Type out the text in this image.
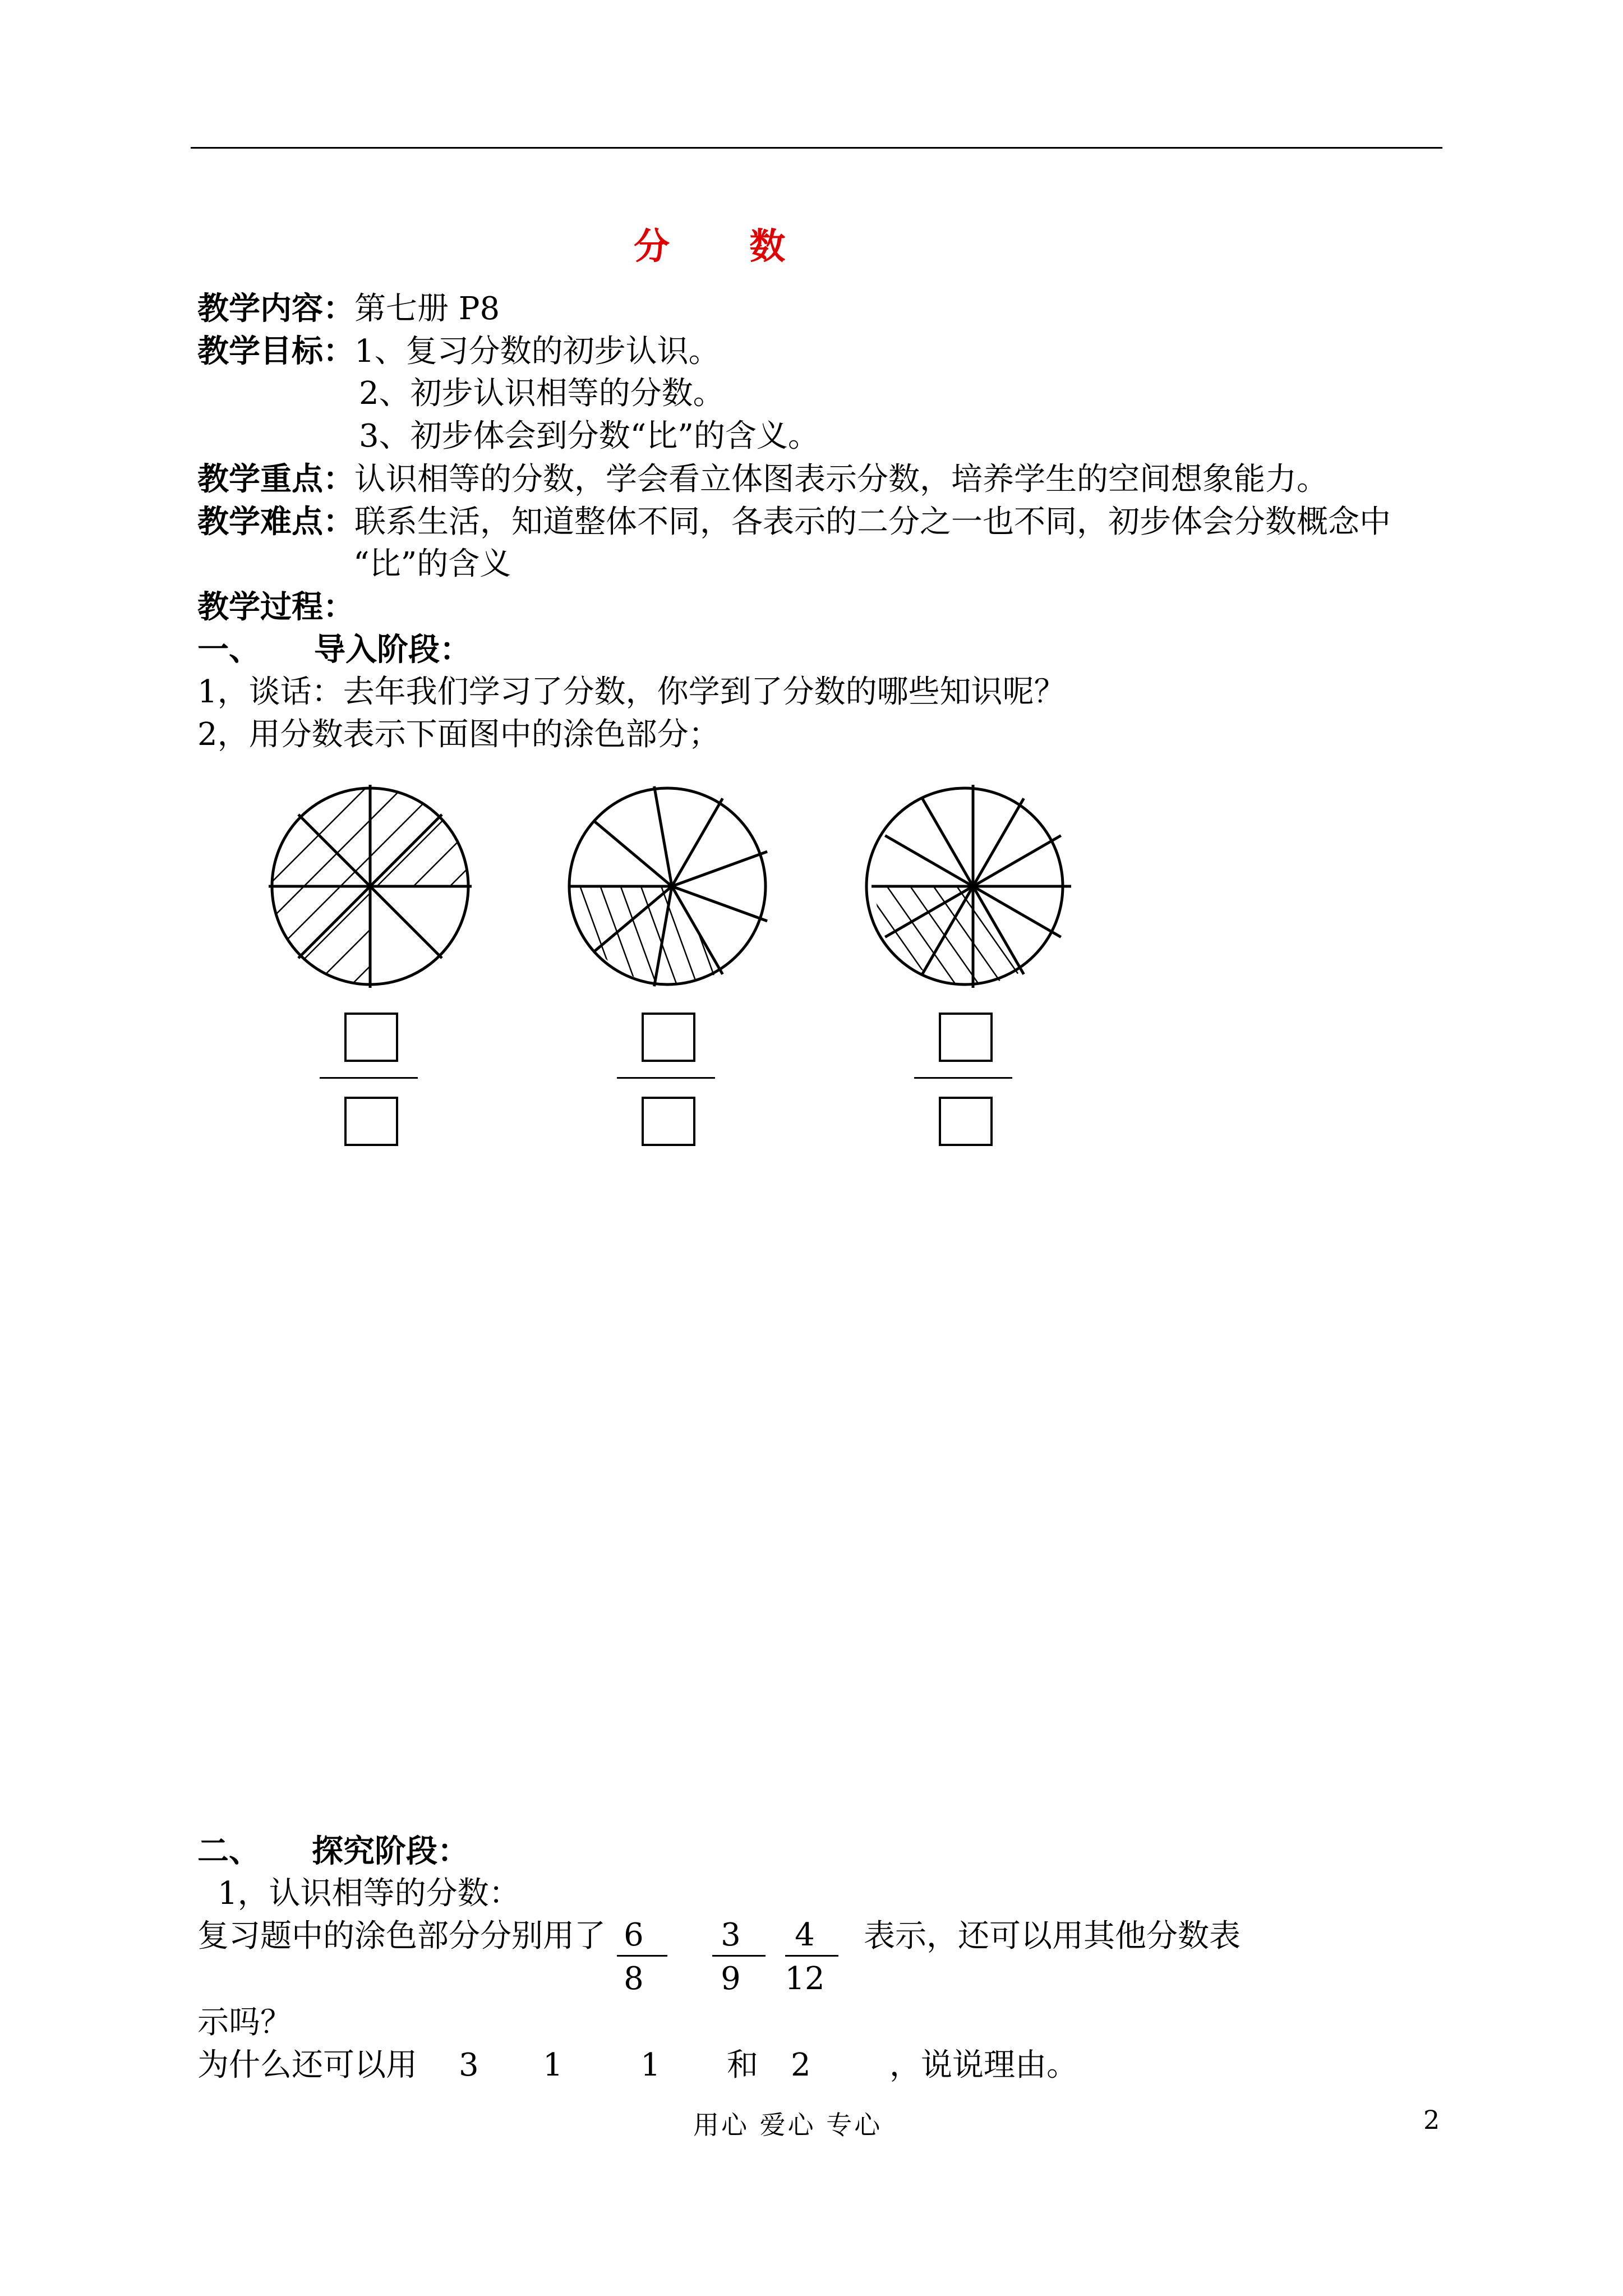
分 数
教学内容：第七册 P8
教学目标：1、复习分数的初步认识。
2、初步认识相等的分数。
3、初步体会到分数“比”的含义。
教学重点：认识相等的分数，学会看立体图表示分数，培养学生的空间想象能力。
教学难点：联系生活，知道整体不同，各表示的二分之一也不同，初步体会分数概念中
“比”的含义
教学过程：
一、 导入阶段：
1，谈话：去年我们学习了分数，你学到了分数的哪些知识呢？
2，用分数表示下面图中的涂色部分；
二、 探究阶段：
1，认识相等的分数：
复习题中的涂色部分分别用了 6
8
3
9
4
12
表示，还可以用其他分数表
示吗？
为什么还可以用 3 1 1 和 2	，说说理由。
用心 爱心 专心	2
